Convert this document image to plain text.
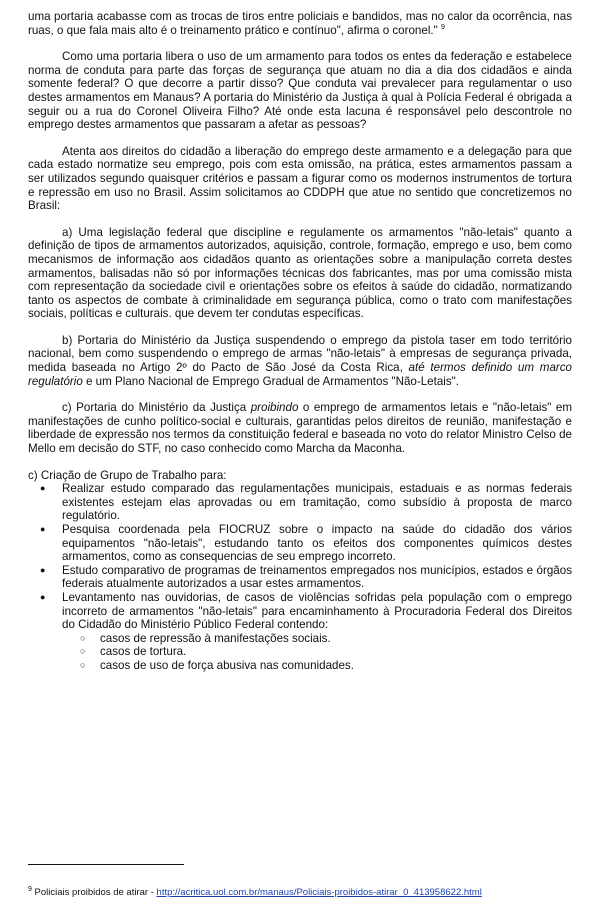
uma portaria acabasse com as trocas de tiros entre policiais e bandidos, mas no calor da ocorrência, nas ruas, o que fala mais alto é o treinamento prático e contínuo", afirma o coronel." $^9$

Como uma portaria libera o uso de um armamento para todos os entes da federação e estabelece norma de conduta para parte das forças de segurança que atuam no dia a dia dos cidadãos e ainda somente federal? O que decorre a partir disso? Que conduta vai prevalecer para regulamentar o uso destes armamentos em Manaus? A portaria do Ministério da Justiça à qual à Polícia Federal é obrigada a seguir ou a rua do Coronel Oliveira Filho? Até onde esta lacuna é responsável pelo descontrole no emprego destes armamentos que passaram a afetar as pessoas?

Atenta aos direitos do cidadão a liberação do emprego deste armamento e a delegação para que cada estado normatize seu emprego, pois com esta omissão, na prática, estes armamentos passam a ser utilizados segundo quaisquer critérios e passam a figurar como os modernos instrumentos de tortura e repressão em uso no Brasil. Assim solicitamos ao CDDPH que atue no sentido que concretizemos no Brasil:

a) Uma legislação federal que discipline e regulamente os armamentos "não-letais" quanto a definição de tipos de armamentos autorizados, aquisição, controle, formação, emprego e uso, bem como mecanismos de informação aos cidadãos quanto as orientações sobre a manipulação correta destes armamentos, balisadas não só por informações técnicas dos fabricantes, mas por uma comissão mista com representação da sociedade civil e orientações sobre os efeitos à saúde do cidadão, normatizando tanto os aspectos de combate à criminalidade em segurança pública, como o trato com manifestações sociais, políticas e culturais. que devem ter condutas específicas.

b) Portaria do Ministério da Justiça suspendendo o emprego da pistola taser em todo território nacional, bem como suspendendo o emprego de armas "não-letais" à empresas de segurança privada, medida baseada no Artigo 2º do Pacto de São José da Costa Rica, até termos definido um marco regulatório e um Plano Nacional de Emprego Gradual de Armamentos "Não-Letais".

c) Portaria do Ministério da Justiça proibindo o emprego de armamentos letais e "não-letais" em manifestações de cunho político-social e culturais, garantidas pelos direitos de reunião, manifestação e liberdade de expressão nos termos da constituição federal e baseada no voto do relator Ministro Celso de Mello em decisão do STF, no caso conhecido como Marcha da Maconha.

c) Criação de Grupo de Trabalho para:

● Realizar estudo comparado das regulamentações municipais, estaduais e as normas federais existentes estejam elas aprovadas ou em tramitação, como subsídio à proposta de marco regulatório.
● Pesquisa coordenada pela FIOCRUZ sobre o impacto na saúde do cidadão dos vários equipamentos "não-letais", estudando tanto os efeitos dos componentes químicos destes armamentos, como as consequencias de seu emprego incorreto.
● Estudo comparativo de programas de treinamentos empregados nos municípios, estados e órgãos federais atualmente autorizados a usar estes armamentos.
● Levantamento nas ouvidorias, de casos de violências sofridas pela população com o emprego incorreto de armamentos "não-letais" para encaminhamento à Procuradoria Federal dos Direitos do Cidadão do Ministério Público Federal contendo:
○ casos de repressão à manifestações sociais.
○ casos de tortura.
○ casos de uso de força abusiva nas comunidades.
$^9$ Policiais proibidos de atirar - http://acritica.uol.com.br/manaus/Policiais-proibidos-atirar_0_413958622.html
